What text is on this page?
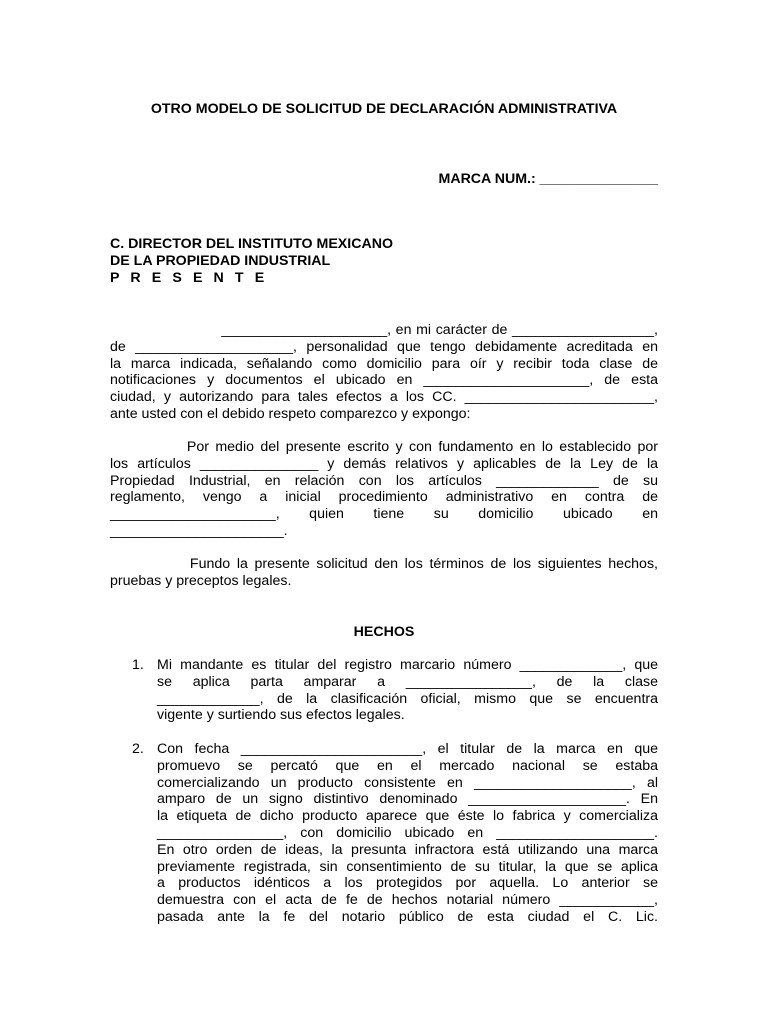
OTRO MODELO DE SOLICITUD DE DECLARACIÓN ADMINISTRATIVA
MARCA NUM.: _______________
C. DIRECTOR DEL INSTITUTO MEXICANO
DE LA PROPIEDAD INDUSTRIAL
P R E S E N T E
_____________________, en mi carácter de __________________,
de ____________________, personalidad que tengo debidamente acreditada en
la marca indicada, señalando como domicilio para oír y recibir toda clase de
notificaciones y documentos el ubicado en _____________________, de esta
ciudad, y autorizando para tales efectos a los CC. ________________________,
ante usted con el debido respeto comparezco y expongo:
Por medio del presente escrito y con fundamento en lo establecido por
los artículos _______________ y demás relativos y aplicables de la Ley de la
Propiedad Industrial, en relación con los artículos _____________ de su
reglamento, vengo a inicial procedimiento administrativo en contra de
_____________________, quien tiene su domicilio ubicado en
______________________.
Fundo la presente solicitud den los términos de los siguientes hechos,
pruebas y preceptos legales.
HECHOS
1. Mi mandante es titular del registro marcario número _____________, que
se aplica parta amparar a ________________, de la clase
_____________, de la clasificación oficial, mismo que se encuentra
vigente y surtiendo sus efectos legales.
2. Con fecha _______________________, el titular de la marca en que
promuevo se percató que en el mercado nacional se estaba
comercializando un producto consistente en ____________________, al
amparo de un signo distintivo denominado ____________________. En
la etiqueta de dicho producto aparece que éste lo fabrica y comercializa
________________, con domicilio ubicado en ____________________.
En otro orden de ideas, la presunta infractora está utilizando una marca
previamente registrada, sin consentimiento de su titular, la que se aplica
a productos idénticos a los protegidos por aquella. Lo anterior se
demuestra con el acta de fe de hechos notarial número ____________,
pasada ante la fe del notario público de esta ciudad el C. Lic.
